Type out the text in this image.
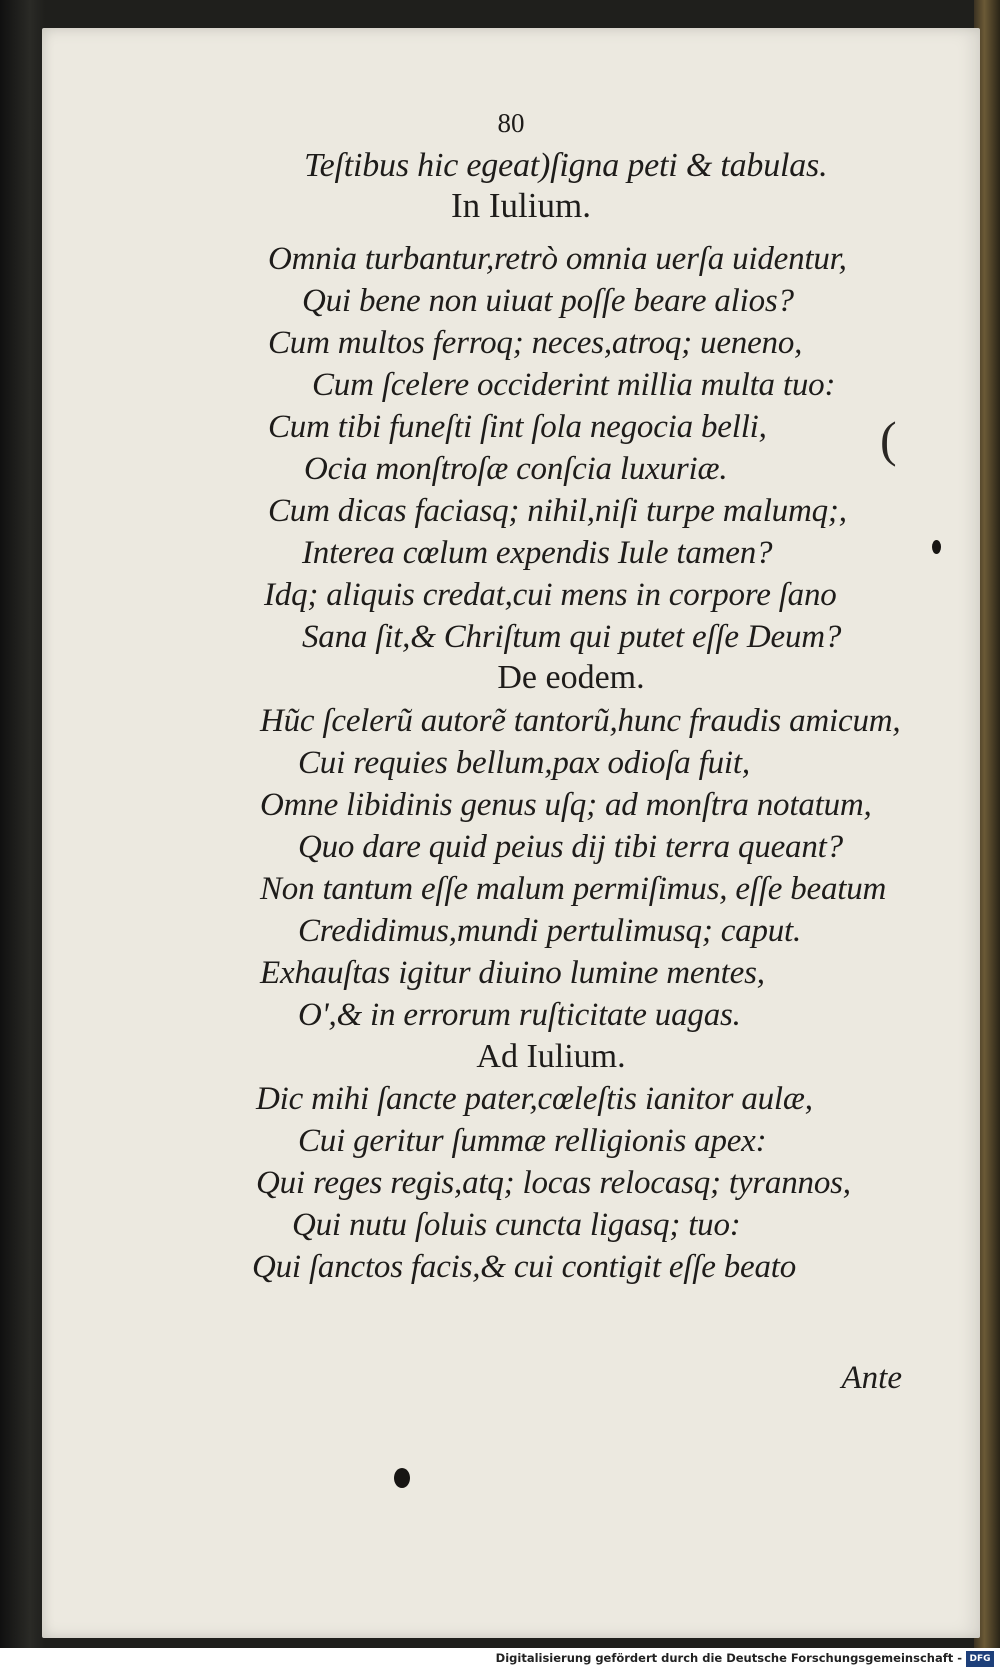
80
Teſtibus hic egeat)ſigna peti & tabulas.
In Iulium.
Omnia turbantur,retrò omnia uerſa uidentur,
Qui bene non uiuat poſſe beare alios?
Cum multos ferroq; neces,atroq; ueneno,
Cum ſcelere occiderint millia multa tuo:
Cum tibi funeſti ſint ſola negocia belli,
Ocia monſtroſæ conſcia luxuriæ.
Cum dicas faciasq; nihil,niſi turpe malumq;,
Interea cœlum expendis Iule tamen?
Idq; aliquis credat,cui mens in corpore ſano
Sana ſit,& Chriſtum qui putet eſſe Deum?
De eodem.
Hũc ſcelerũ autorẽ tantorũ,hunc fraudis amicum,
Cui requies bellum,pax odioſa fuit,
Omne libidinis genus uſq; ad monſtra notatum,
Quo dare quid peius dij tibi terra queant?
Non tantum eſſe malum permiſimus, eſſe beatum
Credidimus,mundi pertulimusq; caput.
Exhauſtas igitur diuino lumine mentes,
O',& in errorum ruſticitate uagas.
Ad Iulium.
Dic mihi ſancte pater,cœleſtis ianitor aulæ,
Cui geritur ſummæ relligionis apex:
Qui reges regis,atq; locas relocasq; tyrannos,
Qui nutu ſoluis cuncta ligasq; tuo:
Qui ſanctos facis,& cui contigit eſſe beato
Ante
(
Digitalisierung gefördert durch die Deutsche Forschungsgemeinschaft - DFG
